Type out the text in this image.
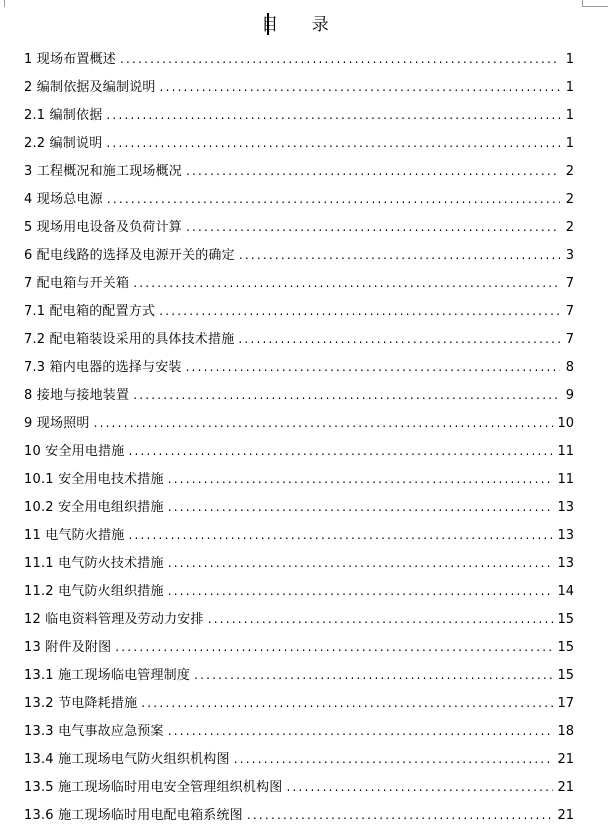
目 录
1 现场布置概述 .....	1
2 编制依据及编制说明 .....	1
2.1 编制依据 .....	1
2.2 编制说明 .....	1
3 工程概况和施工现场概况 .....	2
4 现场总电源 .....	2
5 现场用电设备及负荷计算 .....	2
6 配电线路的选择及电源开关的确定 .....	3
7 配电箱与开关箱 .....	7
7.1 配电箱的配置方式 .....	7
7.2 配电箱装设采用的具体技术措施 .....	7
7.3 箱内电器的选择与安装 .....	8
8 接地与接地装置 .....	9
9 现场照明 .....	10
10 安全用电措施 .....	11
10.1 安全用电技术措施 .....	11
10.2 安全用电组织措施 .....	13
11 电气防火措施 .....	13
11.1 电气防火技术措施 .....	13
11.2 电气防火组织措施 .....	14
12 临电资料管理及劳动力安排 .....	15
13 附件及附图 .....	15
13.1 施工现场临电管理制度 .....	15
13.2 节电降耗措施 .....	17
13.3 电气事故应急预案 .....	18
13.4 施工现场电气防火组织机构图 .....	21
13.5 施工现场临时用电安全管理组织机构图 .....	21
13.6 施工现场临时用电配电箱系统图 .....	21
